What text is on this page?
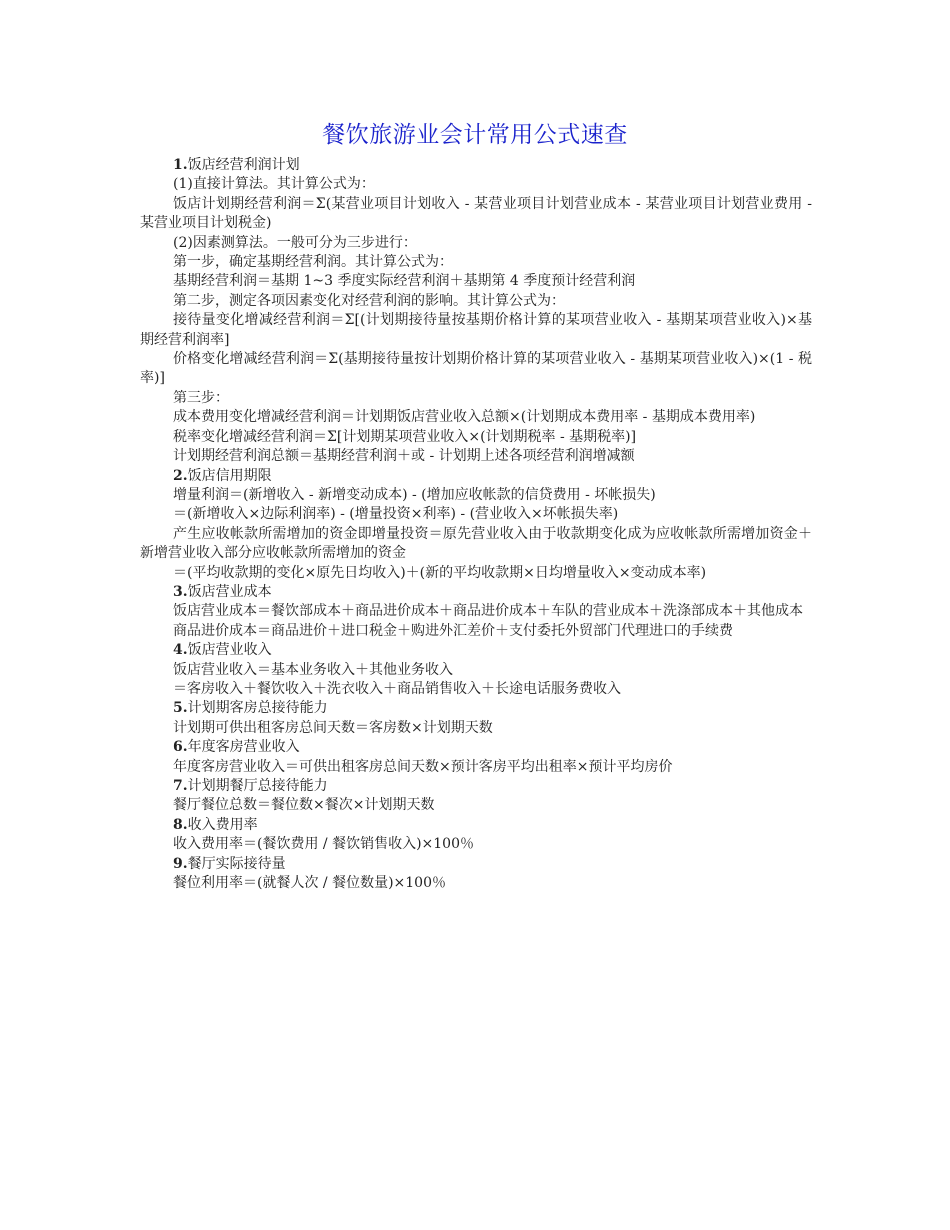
餐饮旅游业会计常用公式速查

1.饭店经营利润计划

(1)直接计算法。其计算公式为：

饭店计划期经营利润＝Σ(某营业项目计划收入 - 某营业项目计划营业成本 - 某营业项目计划营业费用 - 某营业项目计划税金)

(2)因素测算法。一般可分为三步进行：

第一步，确定基期经营利润。其计算公式为：

基期经营利润＝基期 1~3 季度实际经营利润＋基期第 4 季度预计经营利润

第二步，测定各项因素变化对经营利润的影响。其计算公式为：

接待量变化增减经营利润＝Σ[(计划期接待量按基期价格计算的某项营业收入 - 基期某项营业收入)×基期经营利润率]

价格变化增减经营利润＝Σ(基期接待量按计划期价格计算的某项营业收入 - 基期某项营业收入)×(1 - 税率)]

第三步：

成本费用变化增减经营利润＝计划期饭店营业收入总额×(计划期成本费用率 - 基期成本费用率)

税率变化增减经营利润＝Σ[计划期某项营业收入×(计划期税率 - 基期税率)]

计划期经营利润总额＝基期经营利润＋或 - 计划期上述各项经营利润增减额

2.饭店信用期限

增量利润＝(新增收入 - 新增变动成本) - (增加应收帐款的信贷费用 - 坏帐损失)

＝(新增收入×边际利润率) - (增量投资×利率) - (营业收入×坏帐损失率)

产生应收帐款所需增加的资金即增量投资＝原先营业收入由于收款期变化成为应收帐款所需增加资金＋新增营业收入部分应收帐款所需增加的资金

＝(平均收款期的变化×原先日均收入)＋(新的平均收款期×日均增量收入×变动成本率)

3.饭店营业成本

饭店营业成本＝餐饮部成本＋商品进价成本＋商品进价成本＋车队的营业成本＋洗涤部成本＋其他成本

商品进价成本＝商品进价＋进口税金＋购进外汇差价＋支付委托外贸部门代理进口的手续费

4.饭店营业收入

饭店营业收入＝基本业务收入＋其他业务收入

＝客房收入＋餐饮收入＋洗衣收入＋商品销售收入＋长途电话服务费收入

5.计划期客房总接待能力

计划期可供出租客房总间天数＝客房数×计划期天数

6.年度客房营业收入

年度客房营业收入＝可供出租客房总间天数×预计客房平均出租率×预计平均房价

7.计划期餐厅总接待能力

餐厅餐位总数＝餐位数×餐次×计划期天数

8.收入费用率

收入费用率＝(餐饮费用 / 餐饮销售收入)×100％

9.餐厅实际接待量

餐位利用率＝(就餐人次 / 餐位数量)×100％
